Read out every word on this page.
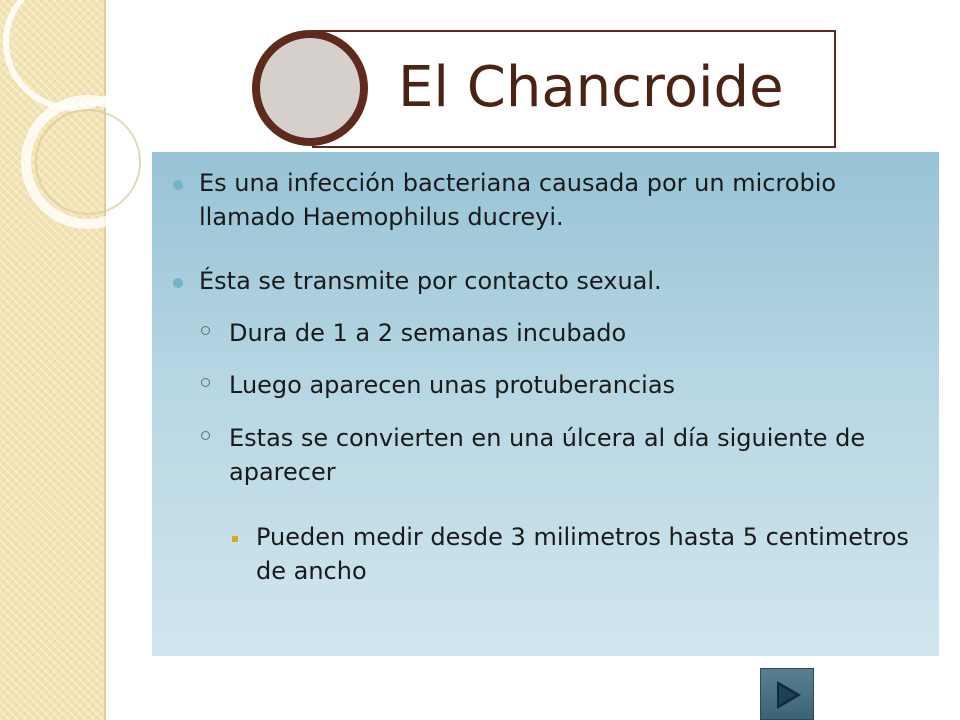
El Chancroide
Es una infección bacteriana causada por un microbio llamado Haemophilus ducreyi.
Ésta se transmite por contacto sexual.
Dura de 1 a 2 semanas incubado
Luego aparecen unas protuberancias
Estas se convierten en una úlcera al día siguiente de aparecer
Pueden medir desde 3 milimetros hasta 5 centimetros de ancho
